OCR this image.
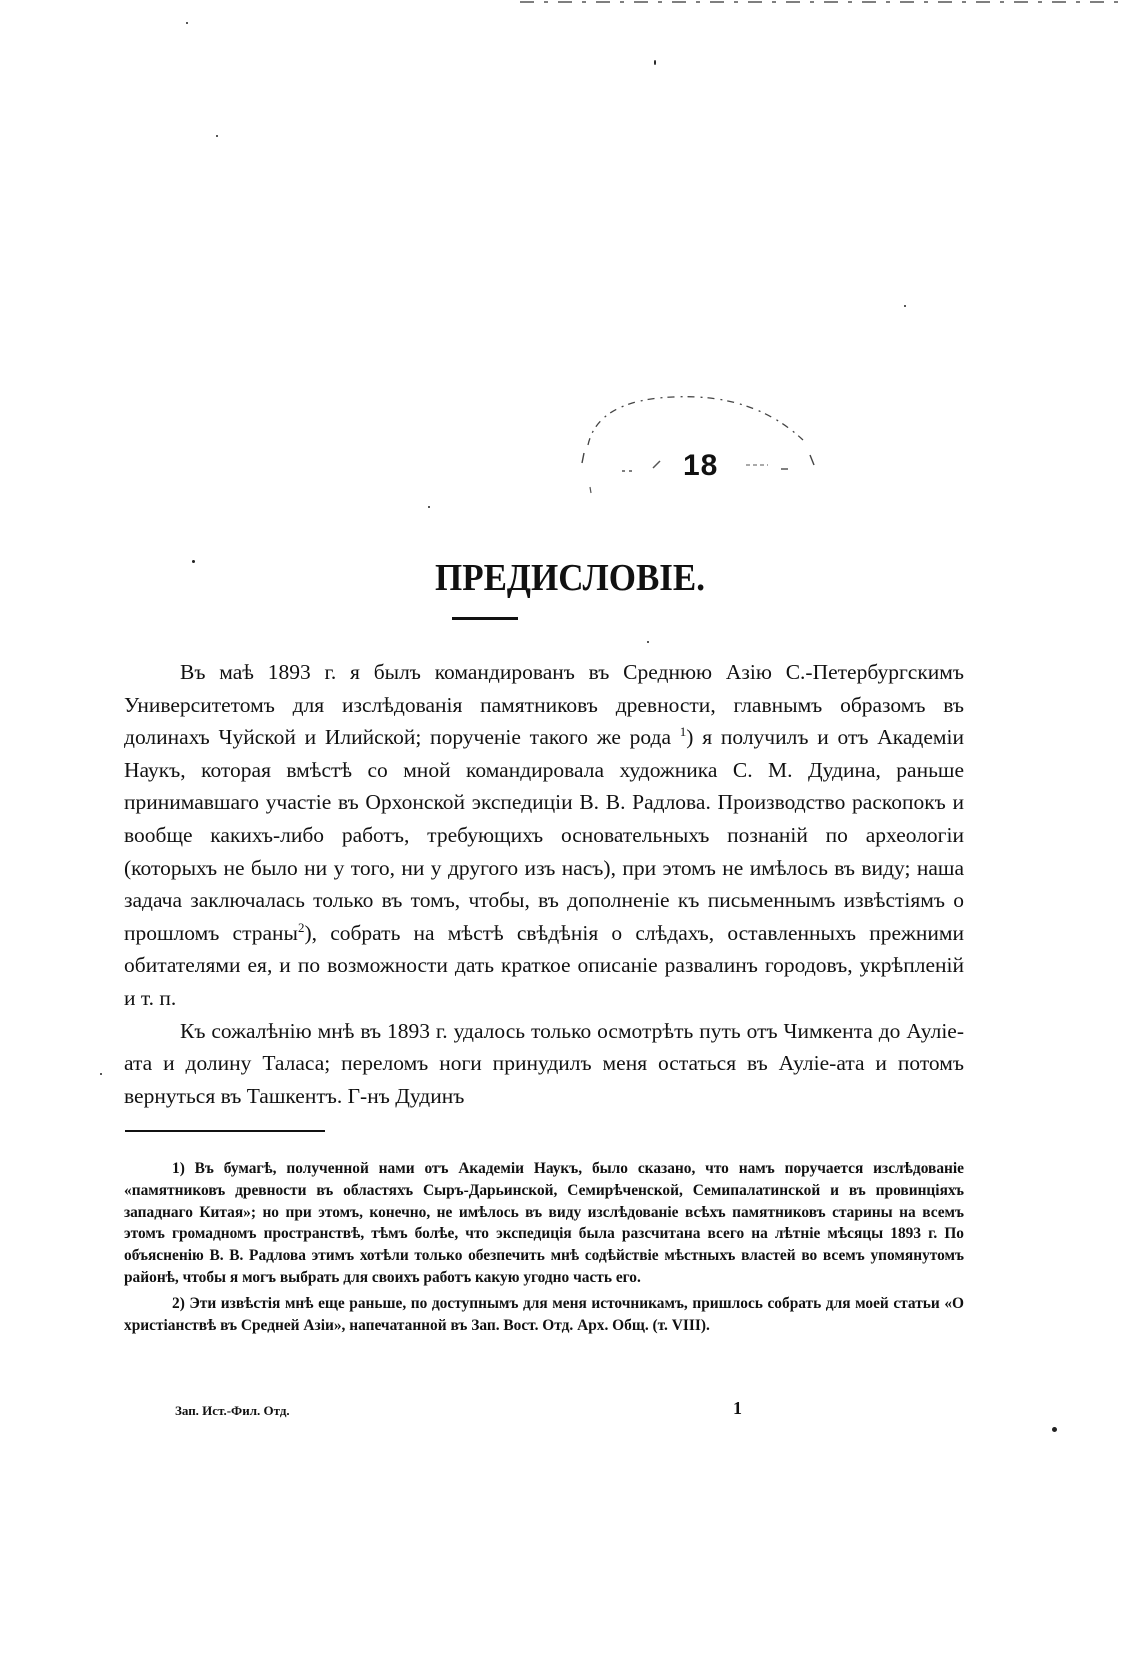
18
ПРЕДИСЛОВІЕ.

Въ маѣ 1893 г. я былъ командированъ въ Среднюю Азію С.-Петербургскимъ Университетомъ для изслѣдованія памятниковъ древности, главнымъ образомъ въ долинахъ Чуйской и Илийской; порученіе такого же рода $^1$) я получилъ и отъ Академіи Наукъ, которая вмѣстѣ со мной командировала художника С. М. Дудина, раньше принимавшаго участіе въ Орхонской экспедиціи В. В. Радлова. Производство раскопокъ и вообще какихъ-либо работъ, требующихъ основательныхъ познаній по археологіи (которыхъ не было ни у того, ни у другого изъ насъ), при этомъ не имѣлось въ виду; наша задача заключалась только въ томъ, чтобы, въ дополненіе къ письменнымъ извѣстіямъ о прошломъ страны$^2$), собрать на мѣстѣ свѣдѣнія о слѣдахъ, оставленныхъ прежними обитателями ея, и по возможности дать краткое описаніе развалинъ городовъ, укрѣпленій и т. п.

Къ сожалѣнію мнѣ въ 1893 г. удалось только осмотрѣть путь отъ Чимкента до Ауліе-ата и долину Таласа; переломъ ноги принудилъ меня остаться въ Ауліе-ата и потомъ вернуться въ Ташкентъ. Г-нъ Дудинъ

1) Въ бумагѣ, полученной нами отъ Академіи Наукъ, было сказано, что намъ поручается изслѣдованіе «памятниковъ древности въ областяхъ Сыръ-Дарьинской, Семирѣченской, Семипалатинской и въ провинціяхъ западнаго Китая»; но при этомъ, конечно, не имѣлось въ виду изслѣдованіе всѣхъ памятниковъ старины на всемъ этомъ громадномъ пространствѣ, тѣмъ болѣе, что экспедиція была разсчитана всего на лѣтніе мѣсяцы 1893 г. По объясненію В. В. Радлова этимъ хотѣли только обезпечить мнѣ содѣйствіе мѣстныхъ властей во всемъ упомянутомъ районѣ, чтобы я могъ выбрать для своихъ работъ какую угодно часть его.

2) Эти извѣстія мнѣ еще раньше, по доступнымъ для меня источникамъ, пришлось собрать для моей статьи «О христіанствѣ въ Средней Азіи», напечатанной въ Зап. Вост. Отд. Арх. Общ. (т. VIII).

Зап. Ист.-Фил. Отд.	1
